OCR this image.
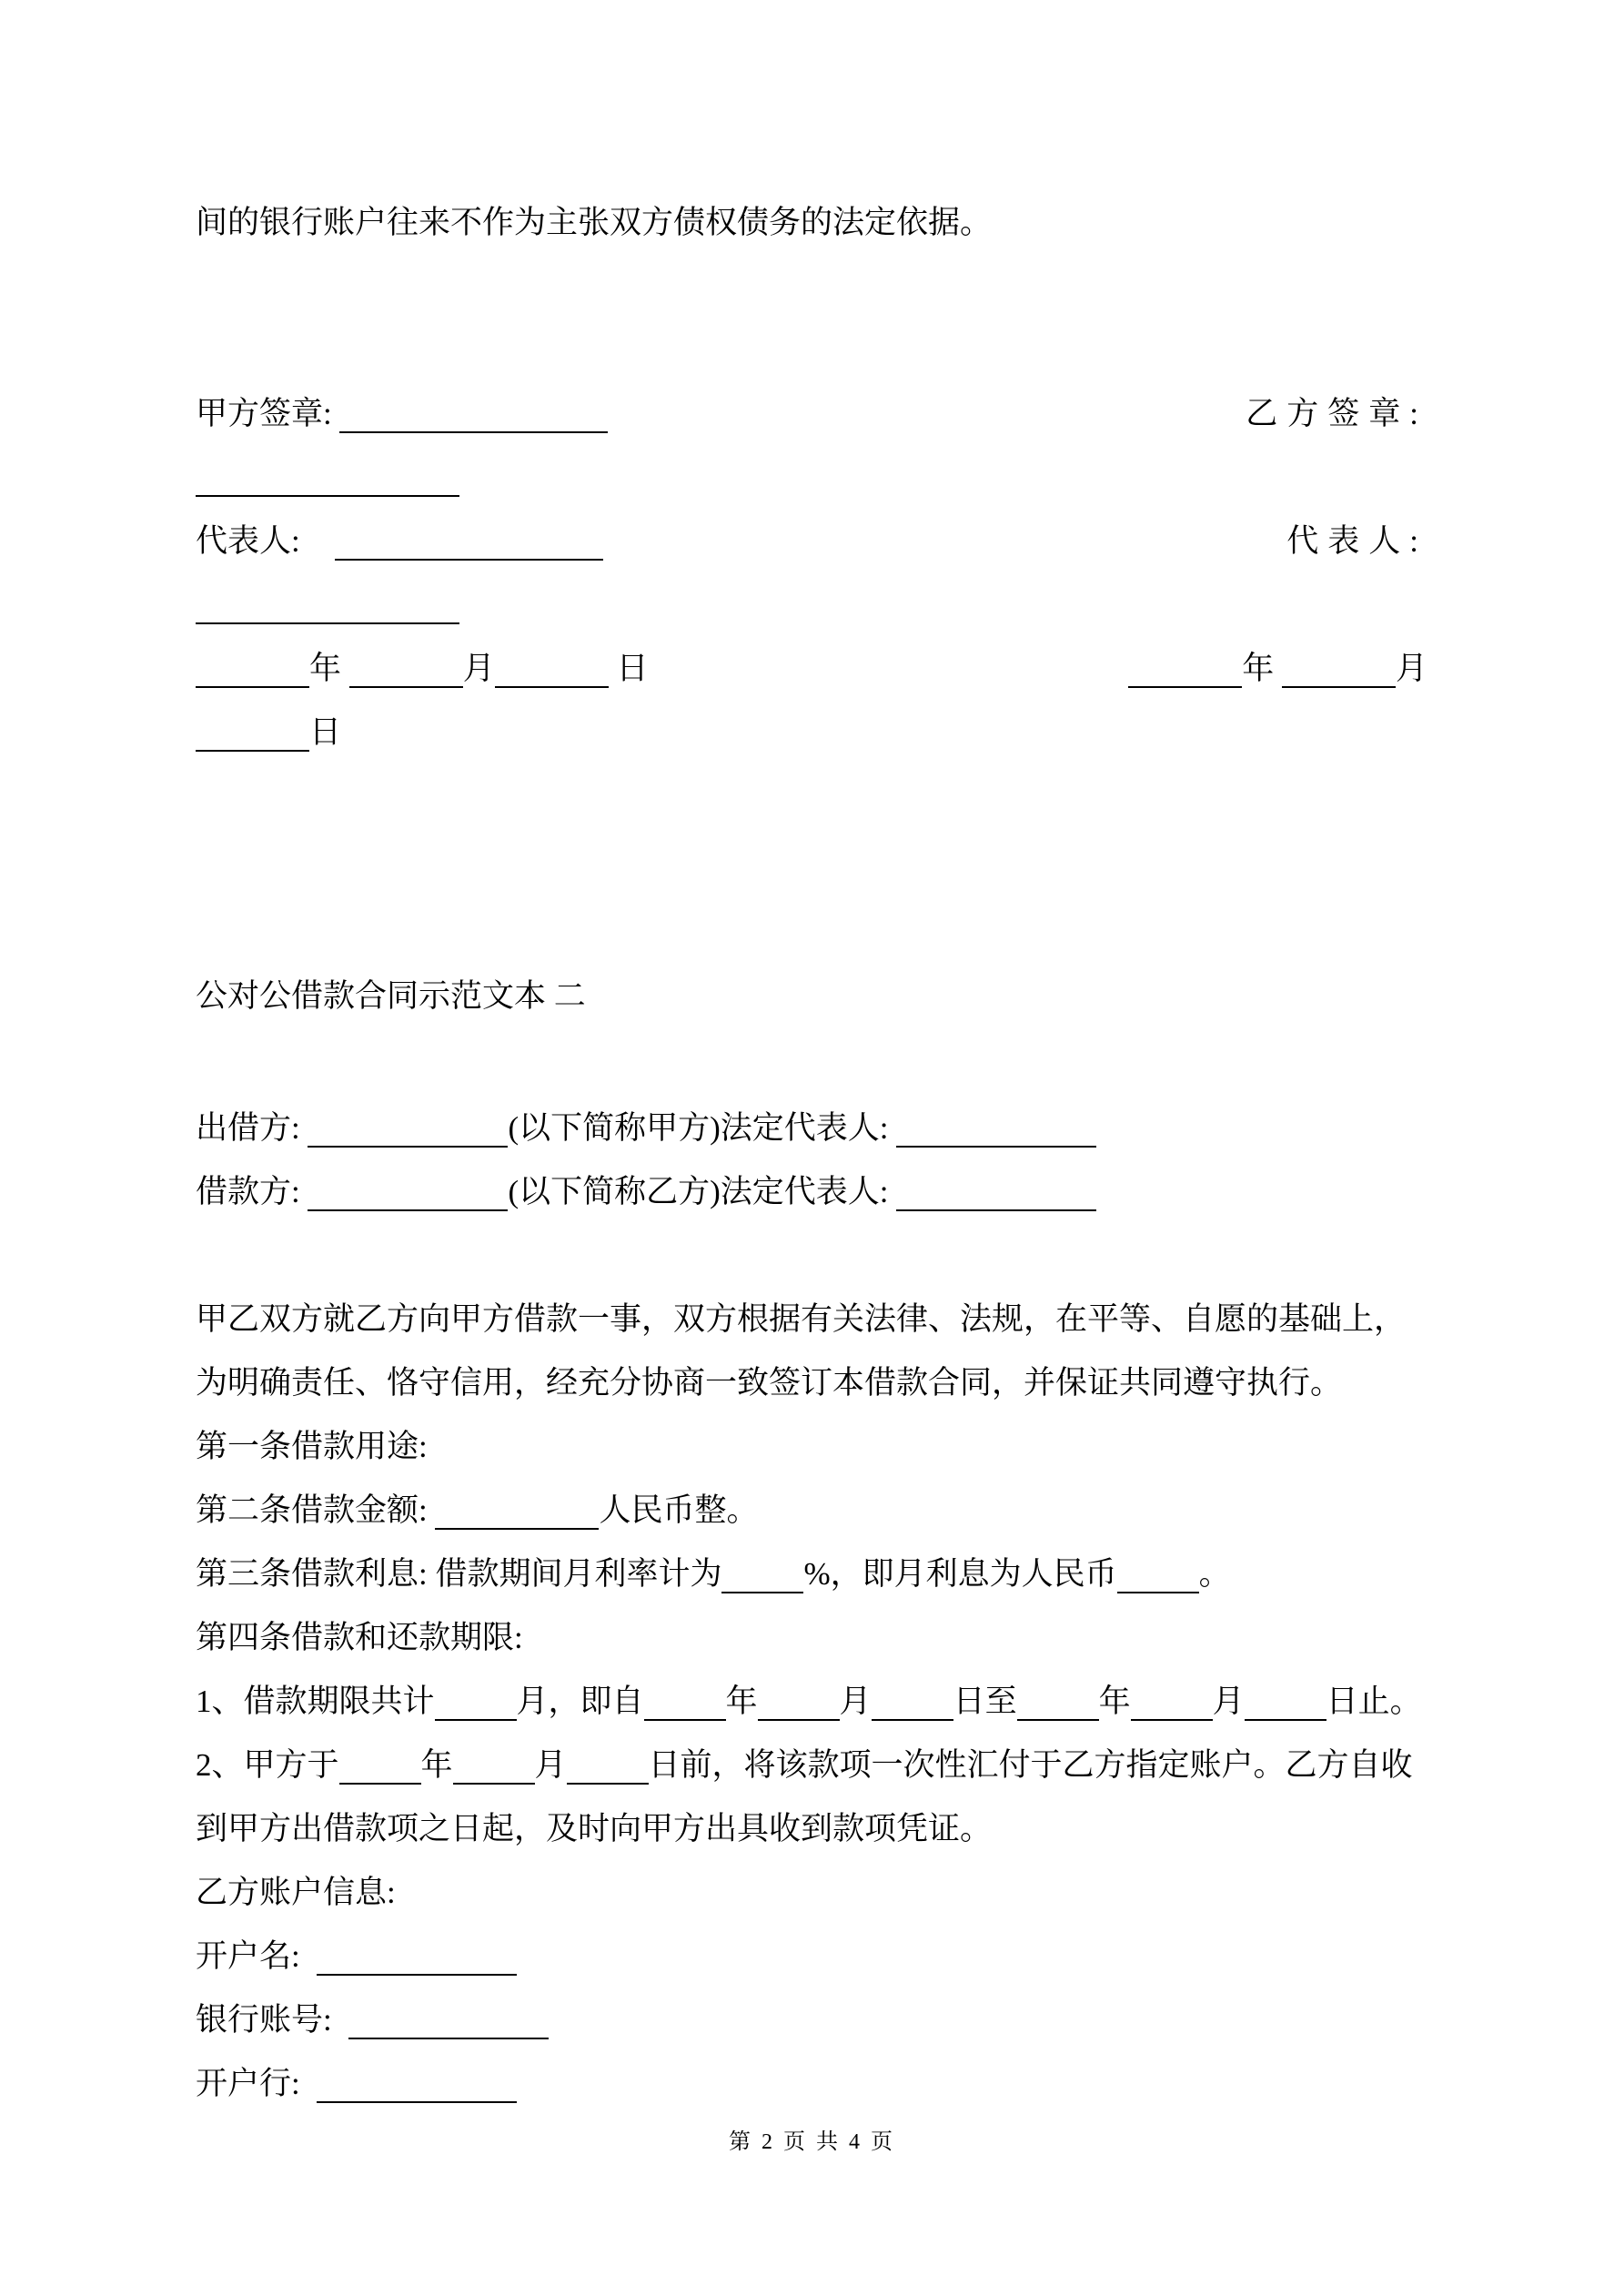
间的银行账户往来不作为主张双方债权债务的法定依据。
甲方签章:	乙方签章:
代表人:	代表人:
年	月	日	年	月
日
公对公借款合同示范文本 二
出借方:	(以下简称甲方)法定代表人:
借款方:	(以下简称乙方)法定代表人:
甲乙双方就乙方向甲方借款一事，双方根据有关法律、法规，在平等、自愿的基础上，
为明确责任、恪守信用，经充分协商一致签订本借款合同，并保证共同遵守执行。
第一条借款用途:
第二条借款金额:	人民币整。
第三条借款利息: 借款期间月利率计为	%，即月利息为人民币	。
第四条借款和还款期限:
1、借款期限共计	月，即自	年	月	日至	年	月	日止。
2、甲方于	年	月	日前，将该款项一次性汇付于乙方指定账户。乙方自收
到甲方出借款项之日起，及时向甲方出具收到款项凭证。
乙方账户信息:
开户名:
银行账号:
开户行:
第 2 页 共 4 页
